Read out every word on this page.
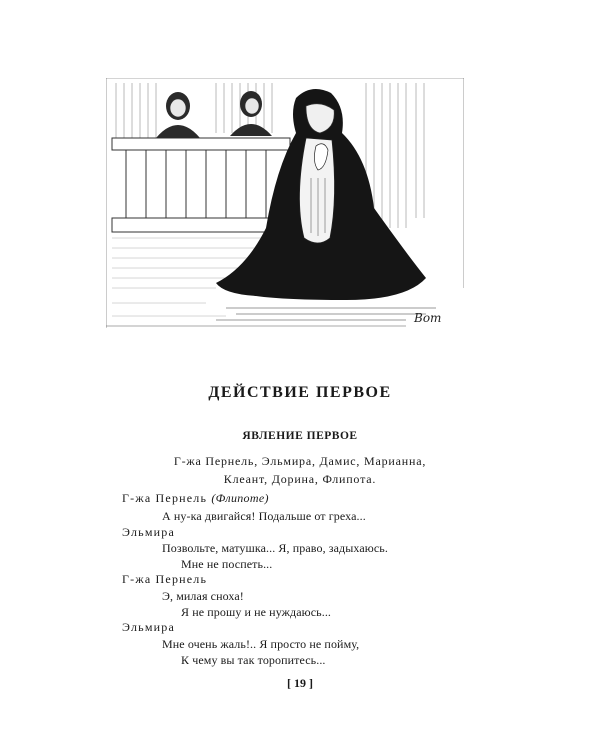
Вот
ДЕЙСТВИЕ ПЕРВОЕ
ЯВЛЕНИЕ ПЕРВОЕ
Г-жа Пернель, Эльмира, Дамис, Марианна,
Клеант, Дорина, Флипота.
Г-жа Пернель (Флипоте)
А ну-ка двигайся! Подальше от греха...
Эльмира
Позвольте, матушка... Я, право, задыхаюсь.
Мне не поспеть...
Г-жа Пернель
Э, милая сноха!
Я не прошу и не нуждаюсь...
Эльмира
Мне очень жаль!.. Я просто не пойму,
К чему вы так торопитесь...
[ 19 ]
